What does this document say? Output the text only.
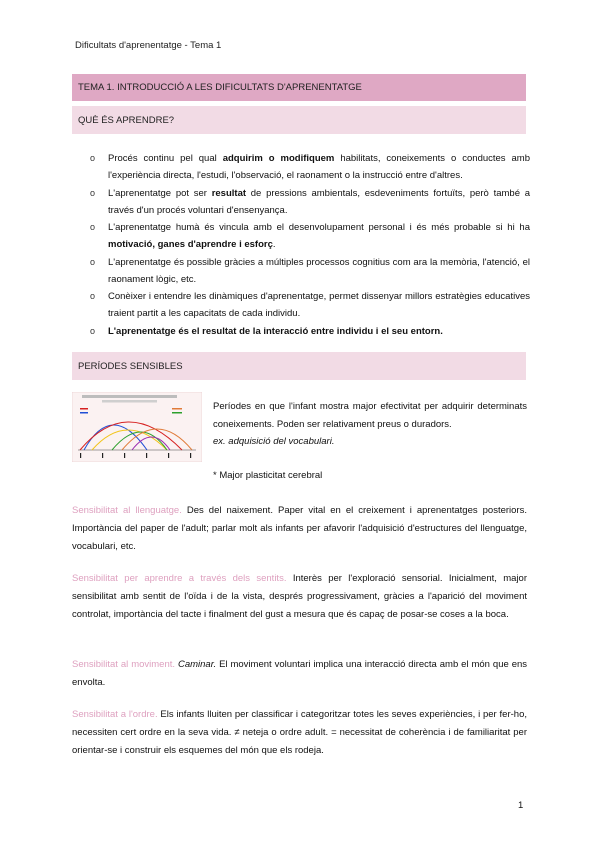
Dificultats d'aprenentatge - Tema 1
TEMA 1. INTRODUCCIÓ A LES DIFICULTATS D'APRENENTATGE
QUÈ ÉS APRENDRE?
o Procés continu pel qual adquirim o modifiquem habilitats, coneixements o conductes amb l'experiència directa, l'estudi, l'observació, el raonament o la instrucció entre d'altres.
o L'aprenentatge pot ser resultat de pressions ambientals, esdeveniments fortuïts, però també a través d'un procés voluntari d'ensenyança.
o L'aprenentatge humà és vincula amb el desenvolupament personal i és més probable si hi ha motivació, ganes d'aprendre i esforç.
o L'aprenentatge és possible gràcies a múltiples processos cognitius com ara la memòria, l'atenció, el raonament lògic, etc.
o Conèixer i entendre les dinàmiques d'aprenentatge, permet dissenyar millors estratègies educatives traient partit a les capacitats de cada individu.
o L'aprenentatge és el resultat de la interacció entre individu i el seu entorn.
PERÍODES SENSIBLES
Períodes en que l'infant mostra major efectivitat per adquirir determinats coneixements. Poden ser relativament preus o duradors.
ex. adquisició del vocabulari.
* Major plasticitat cerebral
Sensibilitat al llenguatge. Des del naixement. Paper vital en el creixement i aprenentatges posteriors. Importància del paper de l'adult; parlar molt als infants per afavorir l'adquisició d'estructures del llenguatge, vocabulari, etc.
Sensibilitat per aprendre a través dels sentits. Interès per l'exploració sensorial. Inicialment, major sensibilitat amb sentit de l'oïda i de la vista, després progressivament, gràcies a l'aparició del moviment controlat, importància del tacte i finalment del gust a mesura que és capaç de posar-se coses a la boca.
Sensibilitat al moviment. Caminar. El moviment voluntari implica una interacció directa amb el món que ens envolta.
Sensibilitat a l'ordre. Els infants lluiten per classificar i categoritzar totes les seves experiències, i per fer-ho, necessiten cert ordre en la seva vida. ≠ neteja o ordre adult. = necessitat de coherència i de familiaritat per orientar-se i construir els esquemes del món que els rodeja.
1
